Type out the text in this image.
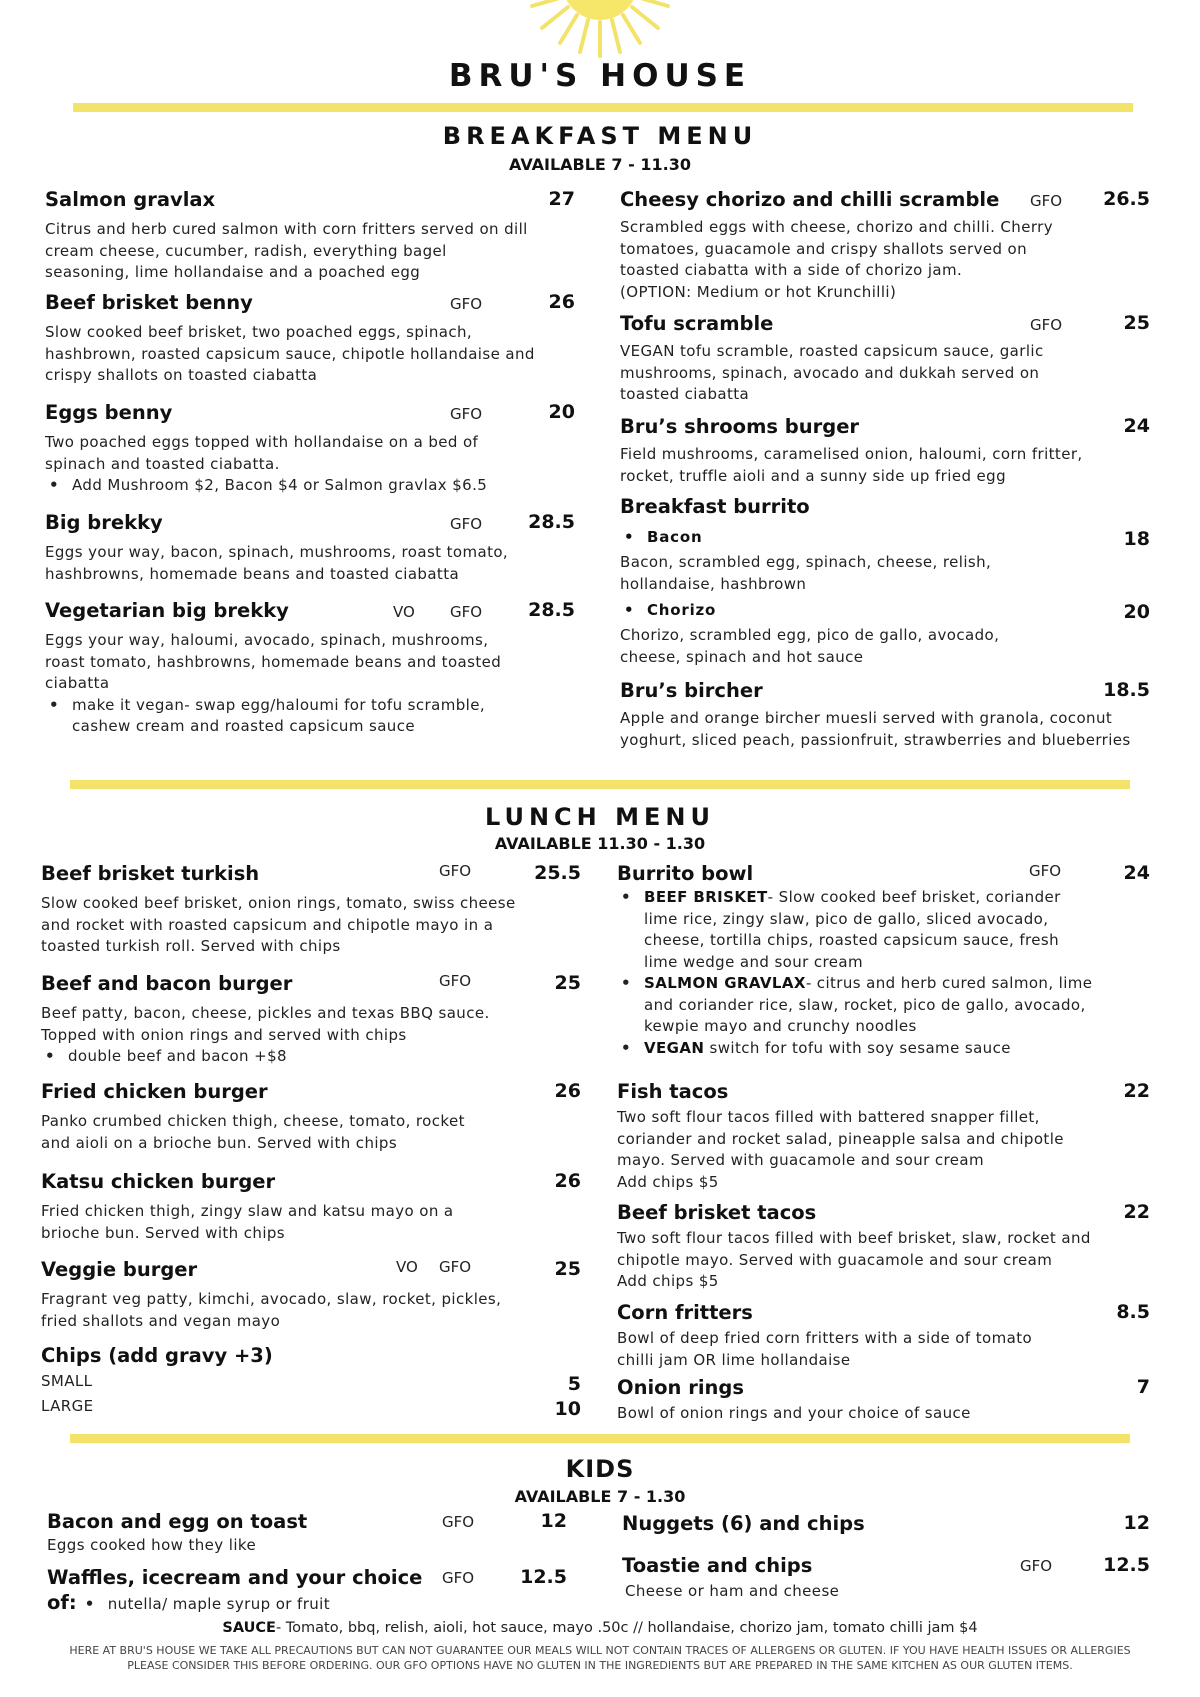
BRU'S HOUSE
BREAKFAST MENU
AVAILABLE 7 - 11.30
Salmon gravlax	27
Citrus and herb cured salmon with corn fritters served on dill cream cheese, cucumber, radish, everything bagel seasoning, lime hollandaise and a poached egg
Beef brisket benny	GFO	26
Slow cooked beef brisket, two poached eggs, spinach, hashbrown, roasted capsicum sauce, chipotle hollandaise and crispy shallots on toasted ciabatta
Eggs benny	GFO	20
Two poached eggs topped with hollandaise on a bed of spinach and toasted ciabatta.
• Add Mushroom $2, Bacon $4 or Salmon gravlax $6.5
Big brekky	GFO 28.5
Eggs your way, bacon, spinach, mushrooms, roast tomato, hashbrowns, homemade beans and toasted ciabatta
Vegetarian big brekky	VO GFO 28.5
Eggs your way, haloumi, avocado, spinach, mushrooms, roast tomato, hashbrowns, homemade beans and toasted ciabatta
• make it vegan- swap egg/haloumi for tofu scramble, cashew cream and roasted capsicum sauce
Cheesy chorizo and chilli scramble	GFO 26.5
Scrambled eggs with cheese, chorizo and chilli. Cherry tomatoes, guacamole and crispy shallots served on toasted ciabatta with a side of chorizo jam.
(OPTION: Medium or hot Krunchilli)
Tofu scramble	GFO	25
VEGAN tofu scramble, roasted capsicum sauce, garlic mushrooms, spinach, avocado and dukkah served on toasted ciabatta
Bru’s shrooms burger	24
Field mushrooms, caramelised onion, haloumi, corn fritter, rocket, truffle aioli and a sunny side up fried egg
Breakfast burrito
• Bacon	18
Bacon, scrambled egg, spinach, cheese, relish, hollandaise, hashbrown
• Chorizo	20
Chorizo, scrambled egg, pico de gallo, avocado, cheese, spinach and hot sauce
Bru’s bircher	18.5
Apple and orange bircher muesli served with granola, coconut yoghurt, sliced peach, passionfruit, strawberries and blueberries
LUNCH MENU
AVAILABLE 11.30 - 1.30
Beef brisket turkish	GFO	25.5
Slow cooked beef brisket, onion rings, tomato, swiss cheese and rocket with roasted capsicum and chipotle mayo in a toasted turkish roll. Served with chips
Beef and bacon burger	GFO	25
Beef patty, bacon, cheese, pickles and texas BBQ sauce. Topped with onion rings and served with chips
• double beef and bacon +$8
Fried chicken burger	26
Panko crumbed chicken thigh, cheese, tomato, rocket and aioli on a brioche bun. Served with chips
Katsu chicken burger	26
Fried chicken thigh, zingy slaw and katsu mayo on a brioche bun. Served with chips
Veggie burger	VO GFO	25
Fragrant veg patty, kimchi, avocado, slaw, rocket, pickles, fried shallots and vegan mayo
Chips (add gravy +3)
SMALL	5
LARGE	10
Burrito bowl	GFO	24
• BEEF BRISKET- Slow cooked beef brisket, coriander lime rice, zingy slaw, pico de gallo, sliced avocado, cheese, tortilla chips, roasted capsicum sauce, fresh lime wedge and sour cream
• SALMON GRAVLAX- citrus and herb cured salmon, lime and coriander rice, slaw, rocket, pico de gallo, avocado, kewpie mayo and crunchy noodles
• VEGAN switch for tofu with soy sesame sauce
Fish tacos	22
Two soft flour tacos filled with battered snapper fillet, coriander and rocket salad, pineapple salsa and chipotle mayo. Served with guacamole and sour cream
Add chips $5
Beef brisket tacos	22
Two soft flour tacos filled with beef brisket, slaw, rocket and chipotle mayo. Served with guacamole and sour cream
Add chips $5
Corn fritters	8.5
Bowl of deep fried corn fritters with a side of tomato chilli jam OR lime hollandaise
Onion rings	7
Bowl of onion rings and your choice of sauce
KIDS
AVAILABLE 7 - 1.30
Bacon and egg on toast	GFO	12
Eggs cooked how they like
Waffles, icecream and your choice	GFO 12.5
of:	• nutella/ maple syrup or fruit
Nuggets (6) and chips	12
Toastie and chips	GFO	12.5
Cheese or ham and cheese
SAUCE- Tomato, bbq, relish, aioli, hot sauce, mayo .50c // hollandaise, chorizo jam, tomato chilli jam $4
HERE AT BRU'S HOUSE WE TAKE ALL PRECAUTIONS BUT CAN NOT GUARANTEE OUR MEALS WILL NOT CONTAIN TRACES OF ALLERGENS OR GLUTEN. IF YOU HAVE HEALTH ISSUES OR ALLERGIES PLEASE CONSIDER THIS BEFORE ORDERING. OUR GFO OPTIONS HAVE NO GLUTEN IN THE INGREDIENTS BUT ARE PREPARED IN THE SAME KITCHEN AS OUR GLUTEN ITEMS.
